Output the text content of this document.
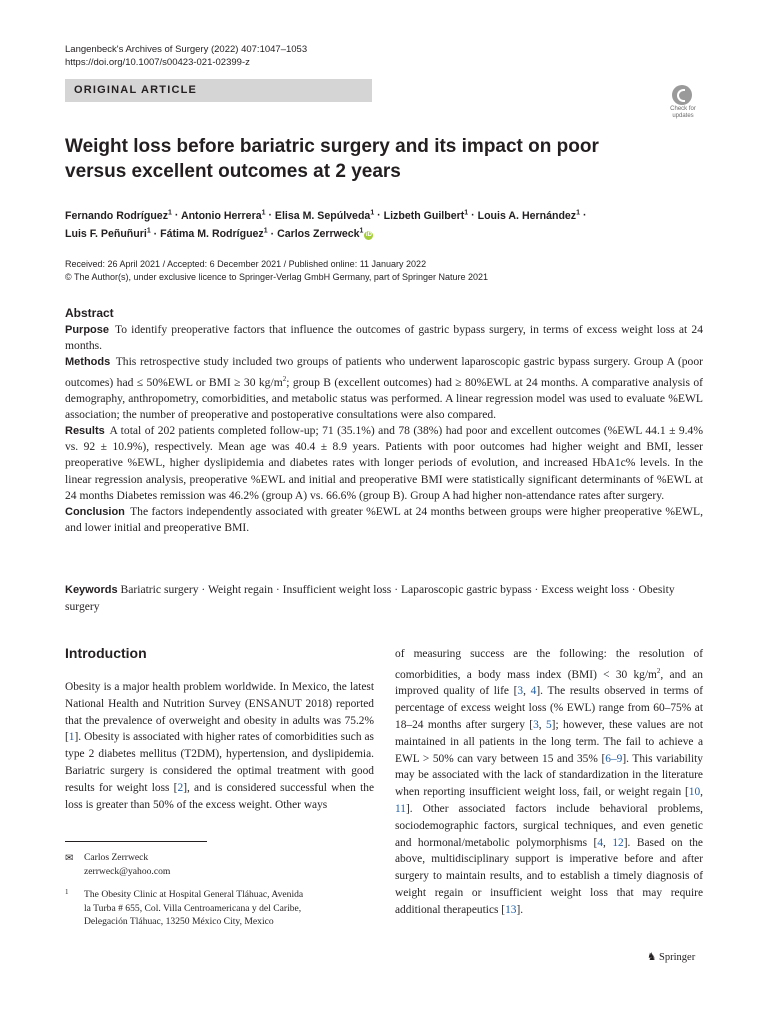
Langenbeck's Archives of Surgery (2022) 407:1047–1053
https://doi.org/10.1007/s00423-021-02399-z
ORIGINAL ARTICLE
Check for
updates
Weight loss before bariatric surgery and its impact on poor versus excellent outcomes at 2 years
Fernando Rodríguez$^1$ · Antonio Herrera$^1$ · Elisa M. Sepúlveda$^1$ · Lizbeth Guilbert$^1$ · Louis A. Hernández$^1$ ·
Luis F. Peñuñuri$^1$ · Fátima M. Rodríguez$^1$ · Carlos Zerrweck$^1$iD
Received: 26 April 2021 / Accepted: 6 December 2021 / Published online: 11 January 2022
© The Author(s), under exclusive licence to Springer-Verlag GmbH Germany, part of Springer Nature 2021
Abstract

Purpose To identify preoperative factors that influence the outcomes of gastric bypass surgery, in terms of excess weight loss at 24 months.

Methods This retrospective study included two groups of patients who underwent laparoscopic gastric bypass surgery. Group A (poor outcomes) had ≤ 50%EWL or BMI ≥ 30 $kg/m^2$; group B (excellent outcomes) had ≥ 80%EWL at 24 months. A comparative analysis of demography, anthropometry, comorbidities, and metabolic status was performed. A linear regression model was used to evaluate %EWL association; the number of preoperative and postoperative consultations were also compared.

Results A total of 202 patients completed follow-up; 71 (35.1%) and 78 (38%) had poor and excellent outcomes (%EWL 44.1 ± 9.4% vs. 92 ± 10.9%), respectively. Mean age was 40.4 ± 8.9 years. Patients with poor outcomes had higher weight and BMI, lesser preoperative %EWL, higher dyslipidemia and diabetes rates with longer periods of evolution, and increased HbA1c% levels. In the linear regression analysis, preoperative %EWL and initial and preoperative BMI were statistically significant determinants of %EWL at 24 months Diabetes remission was 46.2% (group A) vs. 66.6% (group B). Group A had higher non-attendance rates after surgery.

Conclusion The factors independently associated with greater %EWL at 24 months between groups were higher preoperative %EWL, and lower initial and preoperative BMI.

Keywords Bariatric surgery · Weight regain · Insufficient weight loss · Laparoscopic gastric bypass · Excess weight loss · Obesity surgery
Introduction
Obesity is a major health problem worldwide. In Mexico, the latest National Health and Nutrition Survey (ENSANUT 2018) reported that the prevalence of overweight and obesity in adults was 75.2% [1]. Obesity is associated with higher rates of comorbidities such as type 2 diabetes mellitus (T2DM), hypertension, and dyslipidemia. Bariatric surgery is considered the optimal treatment with good results for weight loss [2], and is considered successful when the loss is greater than 50% of the excess weight. Other ways
of measuring success are the following: the resolution of comorbidities, a body mass index (BMI) < 30 $kg/m^2$, and an improved quality of life [3, 4]. The results observed in terms of percentage of excess weight loss (% EWL) range from 60–75% at 18–24 months after surgery [3, 5]; however, these values are not maintained in all patients in the long term. The fail to achieve a EWL > 50% can vary between 15 and 35% [6–9]. This variability may be associated with the lack of standardization in the literature when reporting insufficient weight loss, fail, or weight regain [10, 11]. Other associated factors include behavioral problems, sociodemographic factors, surgical techniques, and even genetic and hormonal/metabolic polymorphisms [4, 12]. Based on the above, multidisciplinary support is imperative before and after surgery to maintain results, and to establish a timely diagnosis of weight regain or insufficient weight loss that may require additional therapeutics [13].
✉ Carlos Zerrweck
zerrweck@yahoo.com
1 The Obesity Clinic at Hospital General Tláhuac, Avenida
la Turba # 655, Col. Villa Centroamericana y del Caribe,
Delegación Tláhuac, 13250 México City, Mexico
♞ Springer
